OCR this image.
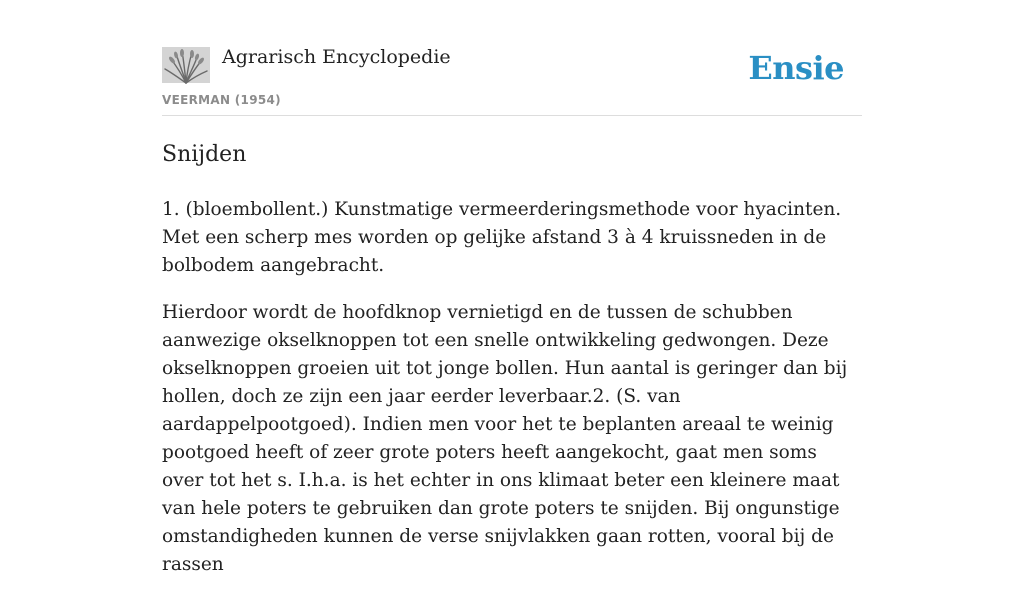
Agrarisch Encyclopedie
VEERMAN (1954)
Ensie
Snijden

1. (bloembollent.) Kunstmatige vermeerderingsmethode voor hyacinten. Met een scherp mes worden op gelijke afstand 3 à 4 kruissneden in de bolbodem aangebracht.

Hierdoor wordt de hoofdknop vernietigd en de tussen de schubben aanwezige okselknoppen tot een snelle ontwikkeling gedwongen. Deze okselknoppen groeien uit tot jonge bollen. Hun aantal is geringer dan bij hollen, doch ze zijn een jaar eerder leverbaar.2. (S. van aardappelpootgoed). Indien men voor het te beplanten areaal te weinig pootgoed heeft of zeer grote poters heeft aangekocht, gaat men soms over tot het s. I.h.a. is het echter in ons klimaat beter een kleinere maat van hele poters te gebruiken dan grote poters te snijden. Bij ongunstige omstandigheden kunnen de verse snijvlakken gaan rotten, vooral bij de rassen
